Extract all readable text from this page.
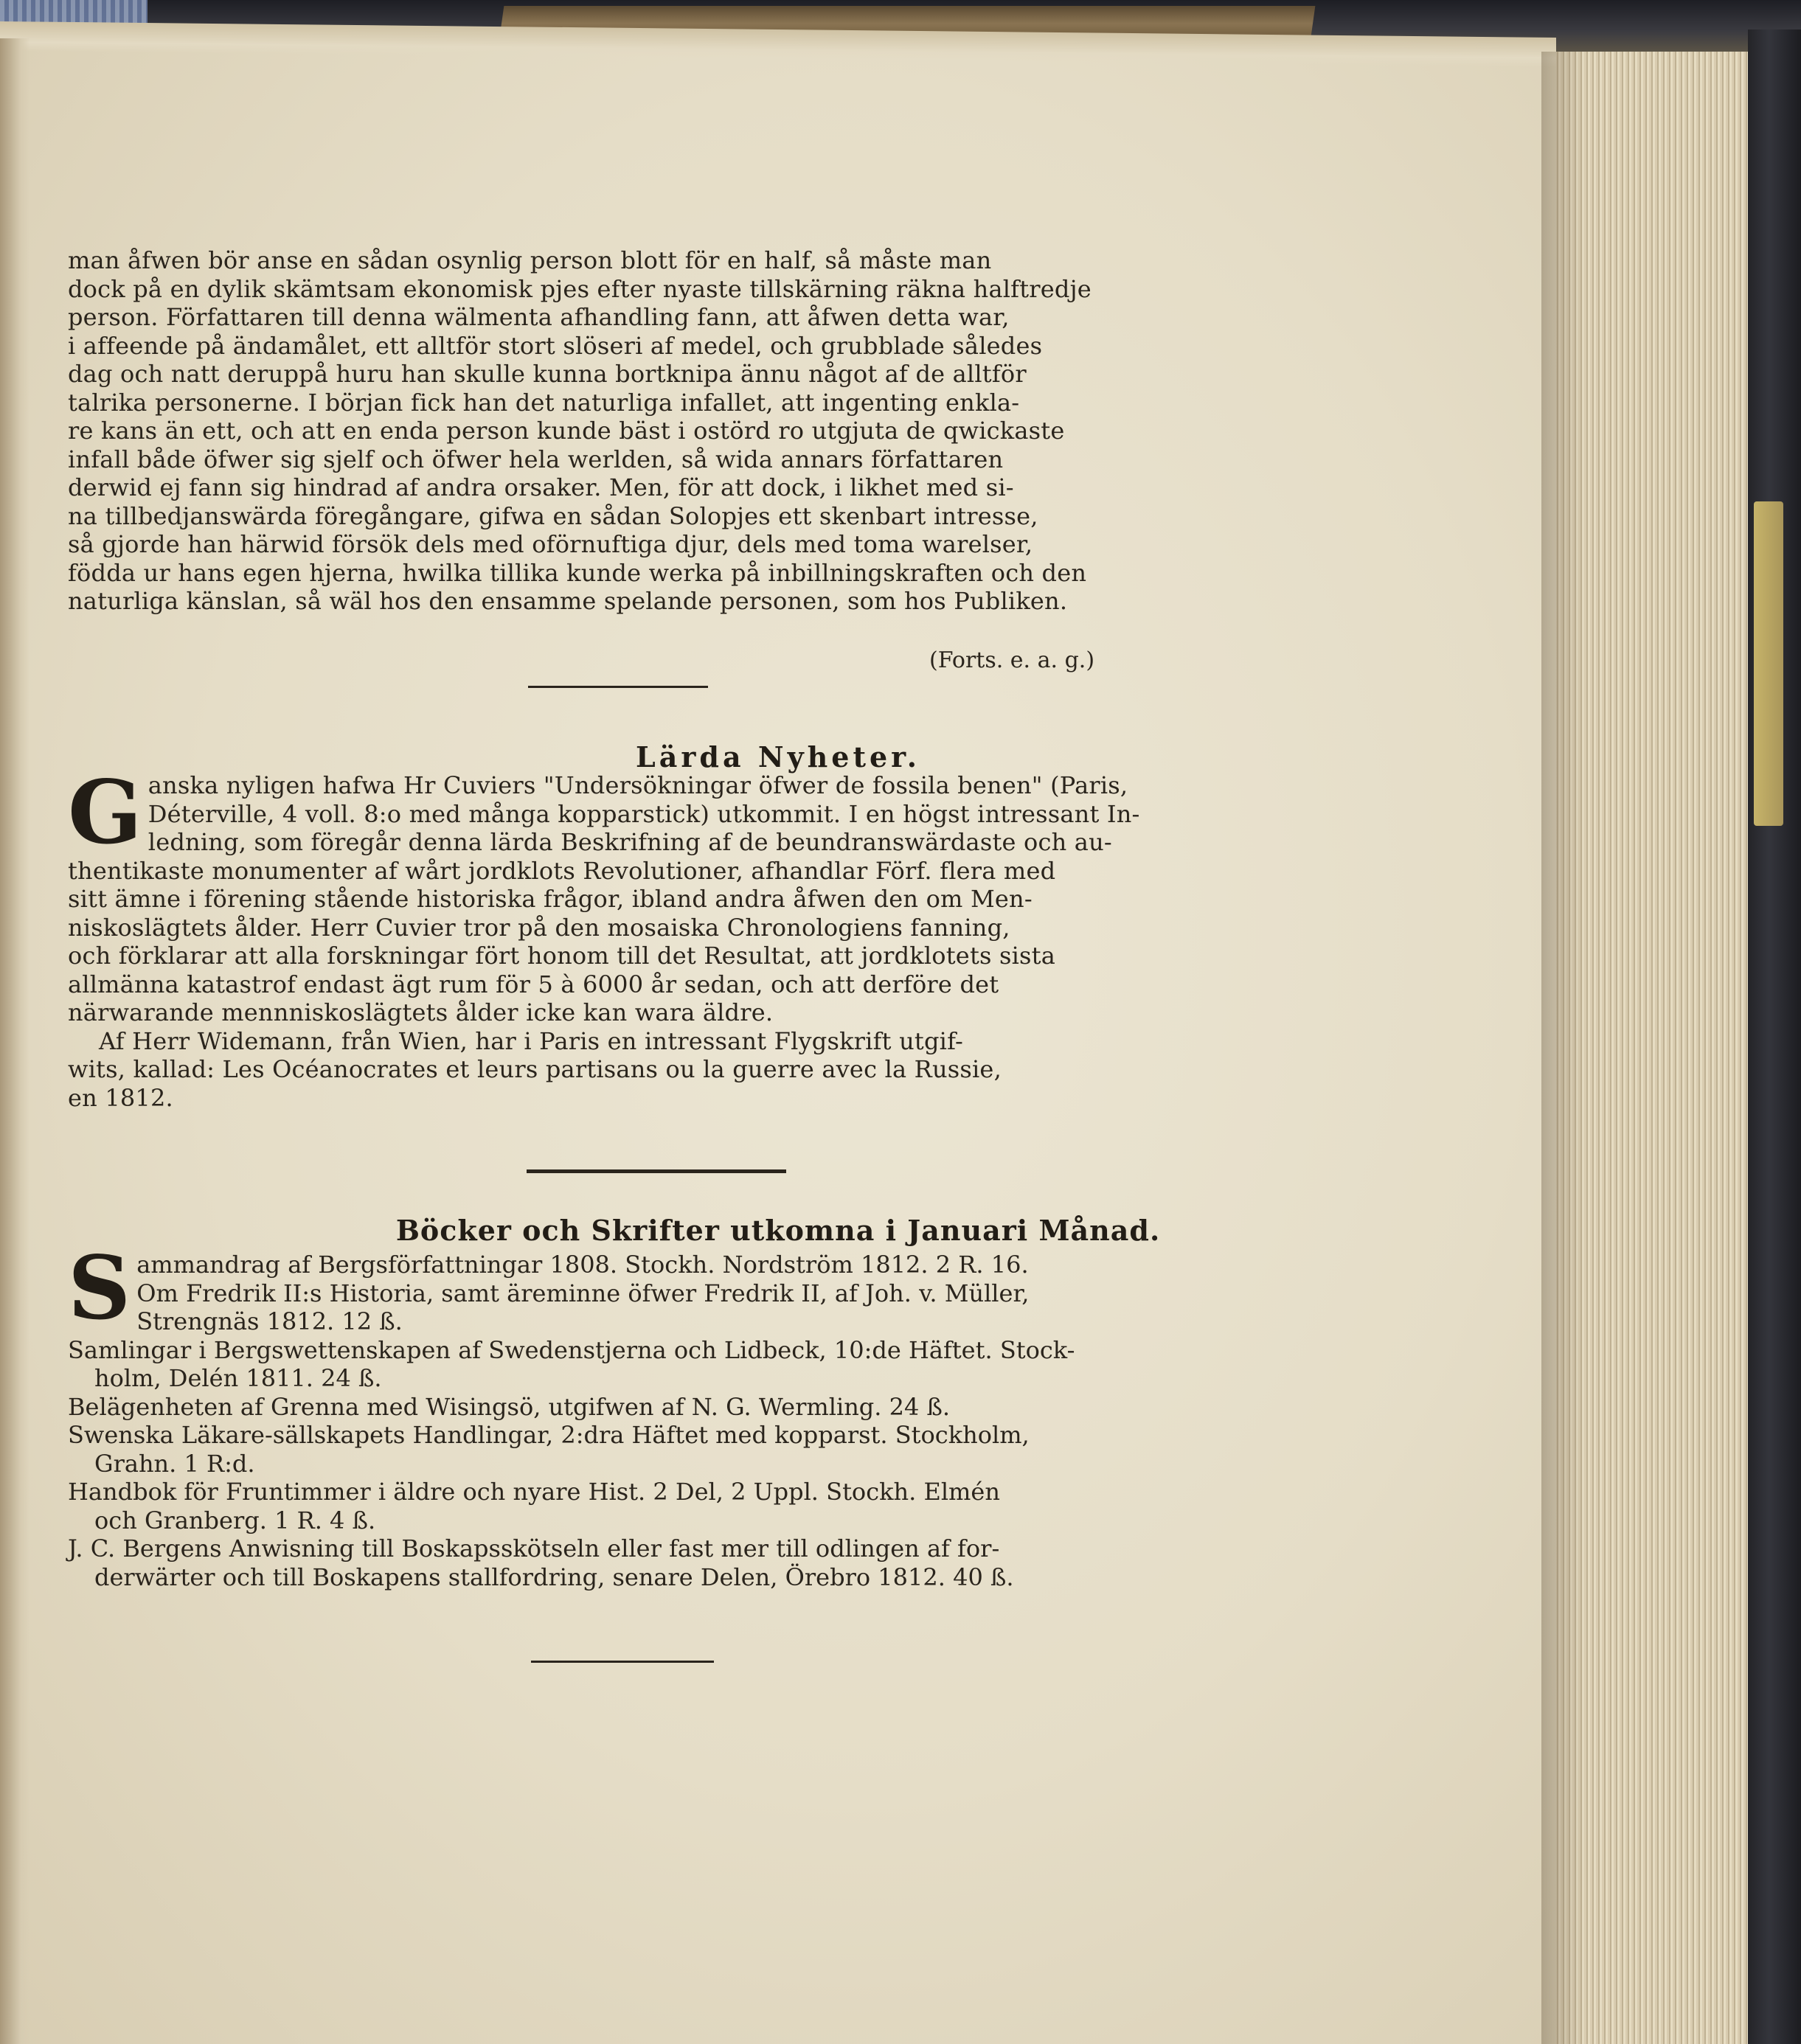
man åfwen bör anse en sådan osynlig person blott för en half, så måste man
dock på en dylik skämtsam ekonomisk pjes efter nyaste tillskärning räkna halftredje
person. Författaren till denna wälmenta afhandling fann, att åfwen detta war,
i affeende på ändamålet, ett alltför stort slöseri af medel, och grubblade således
dag och natt deruppå huru han skulle kunna bortknipa ännu något af de alltför
talrika personerne. I början fick han det naturliga infallet, att ingenting enkla-
re kans än ett, och att en enda person kunde bäst i ostörd ro utgjuta de qwickaste
infall både öfwer sig sjelf och öfwer hela werlden, så wida annars författaren
derwid ej fann sig hindrad af andra orsaker. Men, för att dock, i likhet med si-
na tillbedjanswärda föregångare, gifwa en sådan Solopjes ett skenbart intresse,
så gjorde han härwid försök dels med oförnuftiga djur, dels med toma warelser,
födda ur hans egen hjerna, hwilka tillika kunde werka på inbillningskraften och den
naturliga känslan, så wäl hos den ensamme spelande personen, som hos Publiken.
(Forts. e. a. g.)
Lärda Nyheter.
G anska nyligen hafwa Hr Cuviers "Undersökningar öfwer de fossila benen" (Paris,
Déterville, 4 voll. 8:o med många kopparstick) utkommit. I en högst intressant In-
ledning, som föregår denna lärda Beskrifning af de beundranswärdaste och au-
thentikaste monumenter af wårt jordklots Revolutioner, afhandlar Förf. flera med
sitt ämne i förening stående historiska frågor, ibland andra åfwen den om Men-
niskoslägtets ålder. Herr Cuvier tror på den mosaiska Chronologiens fanning,
och förklarar att alla forskningar fört honom till det Resultat, att jordklotets sista
allmänna katastrof endast ägt rum för 5 à 6000 år sedan, och att derföre det
närwarande mennniskoslägtets ålder icke kan wara äldre.
Af Herr Widemann, från Wien, har i Paris en intressant Flygskrift utgif-
wits, kallad: Les Océanocrates et leurs partisans ou la guerre avec la Russie,
en 1812.
Böcker och Skrifter utkomna i Januari Månad.
S ammandrag af Bergsförfattningar 1808. Stockh. Nordström 1812. 2 R. 16.
Om Fredrik II:s Historia, samt äreminne öfwer Fredrik II, af Joh. v. Müller,
Strengnäs 1812. 12 ß.
Samlingar i Bergswettenskapen af Swedenstjerna och Lidbeck, 10:de Häftet. Stock-
holm, Delén 1811. 24 ß.
Belägenheten af Grenna med Wisingsö, utgifwen af N. G. Wermling. 24 ß.
Swenska Läkare-sällskapets Handlingar, 2:dra Häftet med kopparst. Stockholm,
Grahn. 1 R:d.
Handbok för Fruntimmer i äldre och nyare Hist. 2 Del, 2 Uppl. Stockh. Elmén
och Granberg. 1 R. 4 ß.
J. C. Bergens Anwisning till Boskapsskötseln eller fast mer till odlingen af for-
derwärter och till Boskapens stallfordring, senare Delen, Örebro 1812. 40 ß.
